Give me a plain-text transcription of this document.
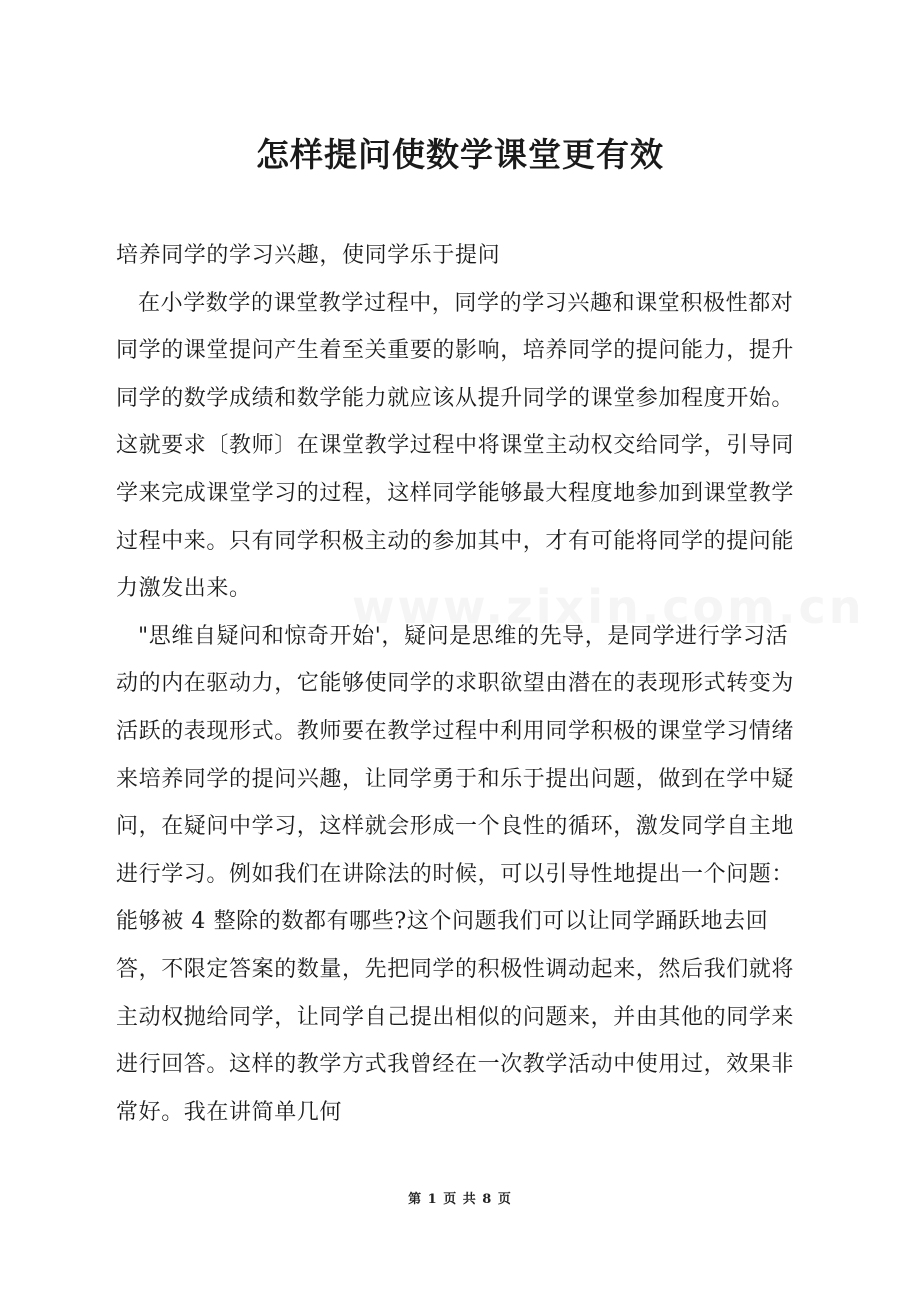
怎样提问使数学课堂更有效

培养同学的学习兴趣，使同学乐于提问

在小学数学的课堂教学过程中，同学的学习兴趣和课堂积极性都对同学的课堂提问产生着至关重要的影响，培养同学的提问能力，提升同学的数学成绩和数学能力就应该从提升同学的课堂参加程度开始。这就要求〔教师〕在课堂教学过程中将课堂主动权交给同学，引导同学来完成课堂学习的过程，这样同学能够最大程度地参加到课堂教学过程中来。只有同学积极主动的参加其中，才有可能将同学的提问能力激发出来。

"思维自疑问和惊奇开始'，疑问是思维的先导，是同学进行学习活动的内在驱动力，它能够使同学的求职欲望由潜在的表现形式转变为活跃的表现形式。教师要在教学过程中利用同学积极的课堂学习情绪来培养同学的提问兴趣，让同学勇于和乐于提出问题，做到在学中疑问，在疑问中学习，这样就会形成一个良性的循环，激发同学自主地进行学习。例如我们在讲除法的时候，可以引导性地提出一个问题：能够被 4 整除的数都有哪些?这个问题我们可以让同学踊跃地去回答，不限定答案的数量，先把同学的积极性调动起来，然后我们就将主动权抛给同学，让同学自己提出相似的问题来，并由其他的同学来进行回答。这样的教学方式我曾经在一次教学活动中使用过，效果非常好。我在讲简单几何

www.zixin.com.cn
第 1 页 共 8 页
